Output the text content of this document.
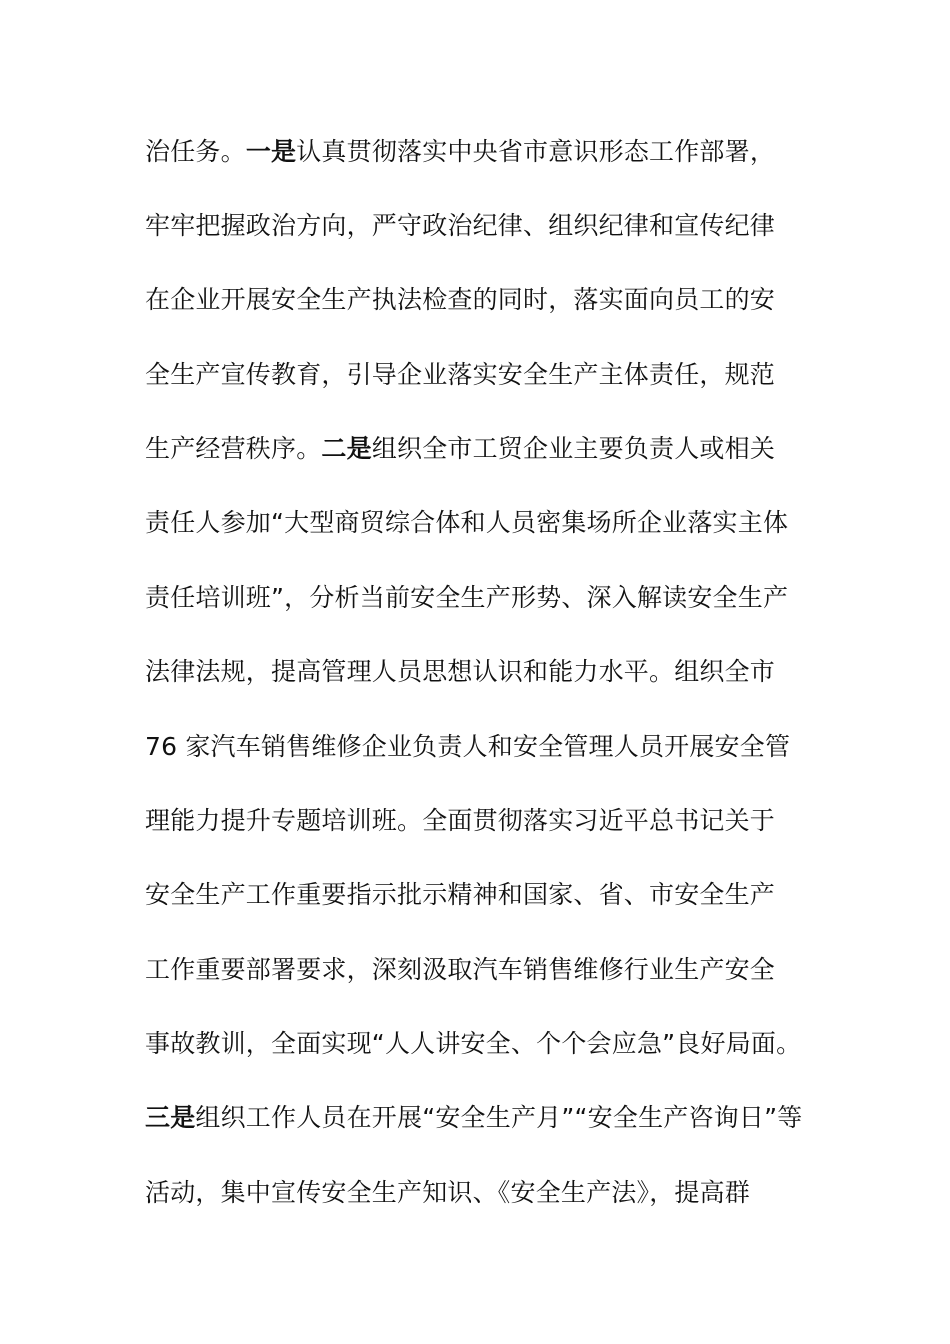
治任务。一是认真贯彻落实中央省市意识形态工作部署，
牢牢把握政治方向，严守政治纪律、组织纪律和宣传纪律
在企业开展安全生产执法检查的同时，落实面向员工的安
全生产宣传教育，引导企业落实安全生产主体责任，规范
生产经营秩序。二是组织全市工贸企业主要负责人或相关
责任人参加“大型商贸综合体和人员密集场所企业落实主体
责任培训班”，分析当前安全生产形势、深入解读安全生产
法律法规，提高管理人员思想认识和能力水平。组织全市
76 家汽车销售维修企业负责人和安全管理人员开展安全管
理能力提升专题培训班。全面贯彻落实习近平总书记关于
安全生产工作重要指示批示精神和国家、省、市安全生产
工作重要部署要求，深刻汲取汽车销售维修行业生产安全
事故教训，全面实现“人人讲安全、个个会应急”良好局面。
三是组织工作人员在开展“安全生产月”“安全生产咨询日”等
活动，集中宣传安全生产知识、《安全生产法》，提高群
